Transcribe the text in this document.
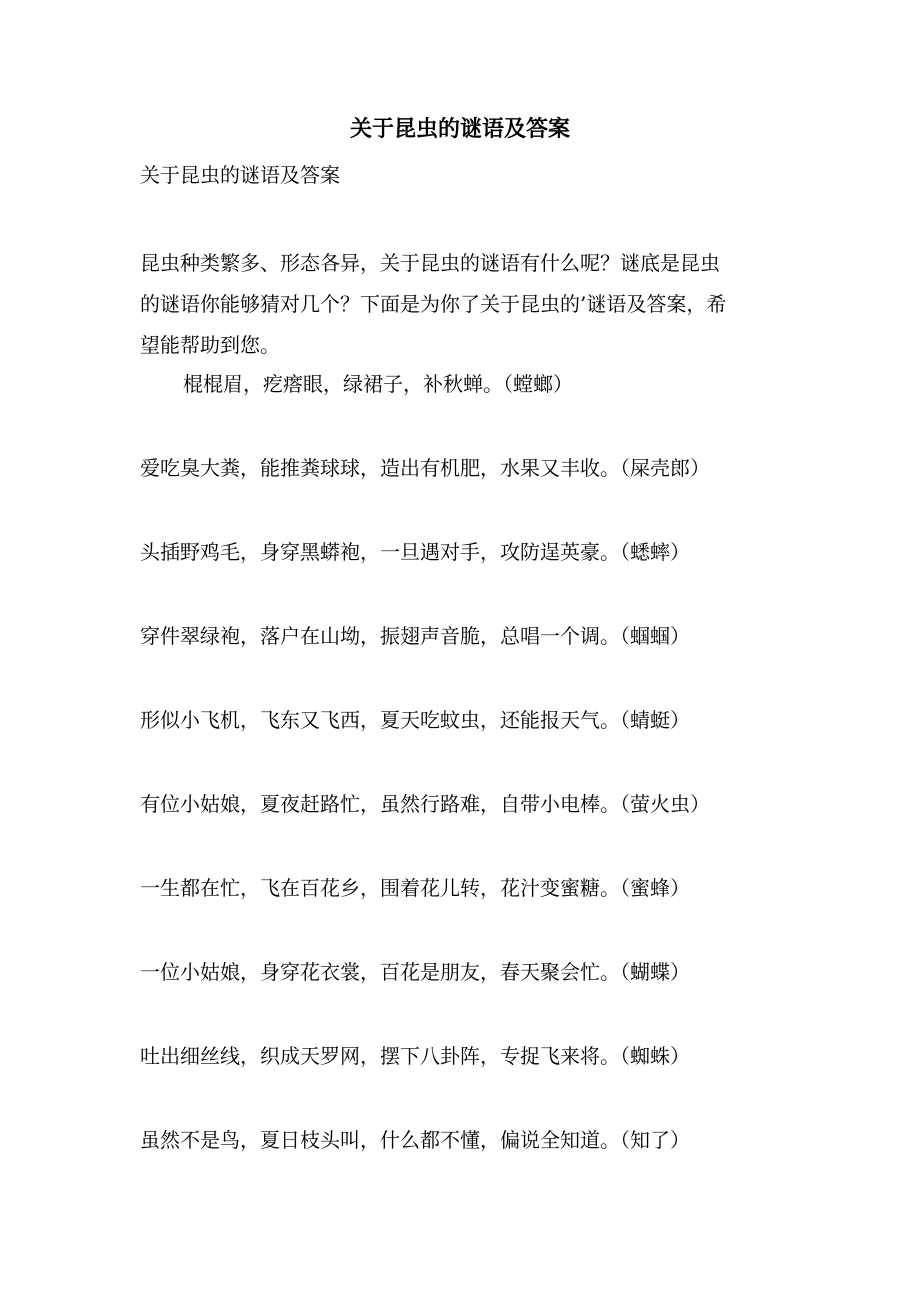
关于昆虫的谜语及答案
关于昆虫的谜语及答案
昆虫种类繁多、形态各异，关于昆虫的谜语有什么呢？谜底是昆虫
的谜语你能够猜对几个？下面是为你了关于昆虫的’谜语及答案，希
望能帮助到您。
棍棍眉，疙瘩眼，绿裙子，补秋蝉。（螳螂）
爱吃臭大粪，能推粪球球，造出有机肥，水果又丰收。（屎壳郎）
头插野鸡毛，身穿黑蟒袍，一旦遇对手，攻防逞英豪。（蟋蟀）
穿件翠绿袍，落户在山坳，振翅声音脆，总唱一个调。（蝈蝈）
形似小飞机，飞东又飞西，夏天吃蚊虫，还能报天气。（蜻蜓）
有位小姑娘，夏夜赶路忙，虽然行路难，自带小电棒。（萤火虫）
一生都在忙，飞在百花乡，围着花儿转，花汁变蜜糖。（蜜蜂）
一位小姑娘，身穿花衣裳，百花是朋友，春天聚会忙。（蝴蝶）
吐出细丝线，织成天罗网，摆下八卦阵，专捉飞来将。（蜘蛛）
虽然不是鸟，夏日枝头叫，什么都不懂，偏说全知道。（知了）
